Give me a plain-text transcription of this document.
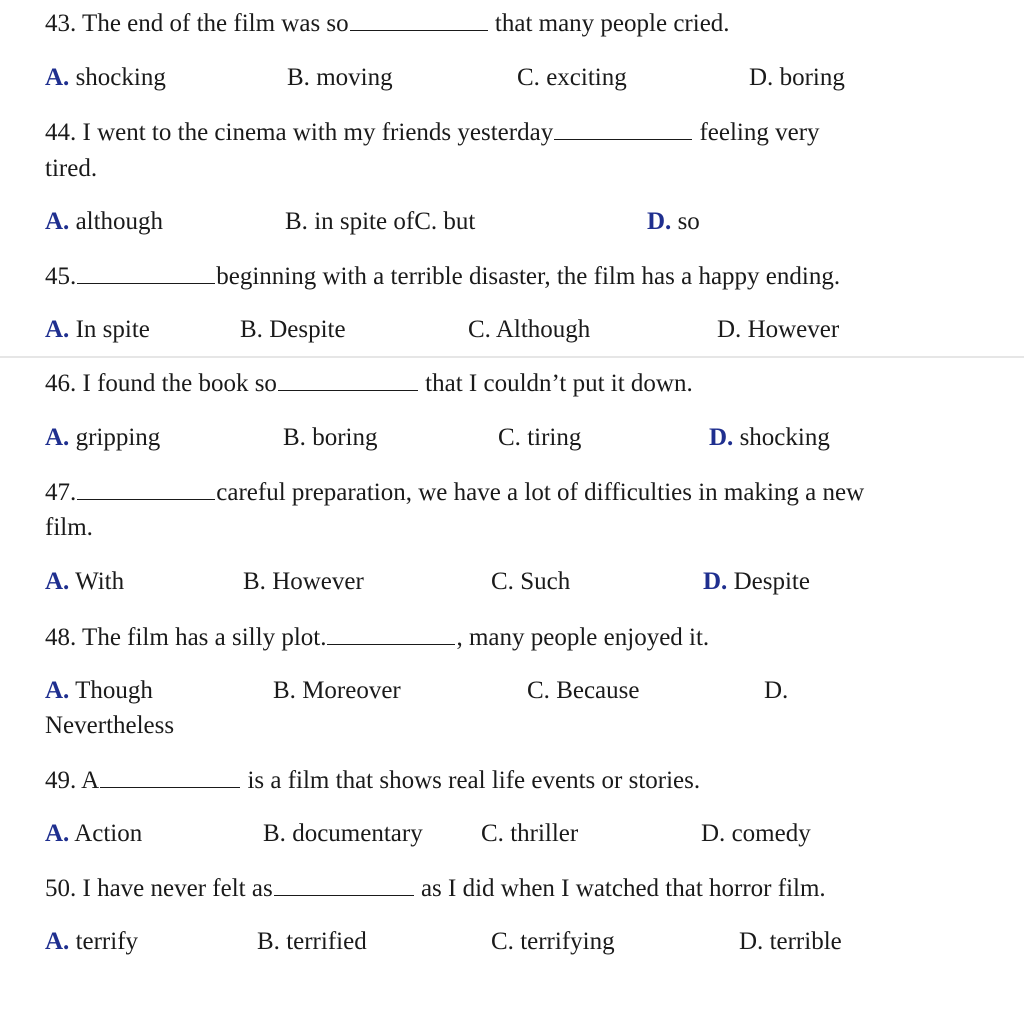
43. The end of the film was so	that many people cried.
A. shocking	B. moving	C. exciting	D. boring
44. I went to the cinema with my friends yesterday	feeling very
tired.
A. although	B. in spite ofC. but	D. so
45.	beginning with a terrible disaster, the film has a happy ending.
A. In spite	B. Despite	C. Although	D. However
46. I found the book so	that I couldn’t put it down.
A. gripping	B. boring	C. tiring	D. shocking
47.	careful preparation, we have a lot of difficulties in making a new
film.
A. With	B. However	C. Such	D. Despite
48. The film has a silly plot.	, many people enjoyed it.
A. Though	B. Moreover	C. Because	D.
Nevertheless
49. A	is a film that shows real life events or stories.
A. Action	B. documentary C. thriller	D. comedy
50. I have never felt as	as I did when I watched that horror film.
A. terrify	B. terrified	C. terrifying	D. terrible
